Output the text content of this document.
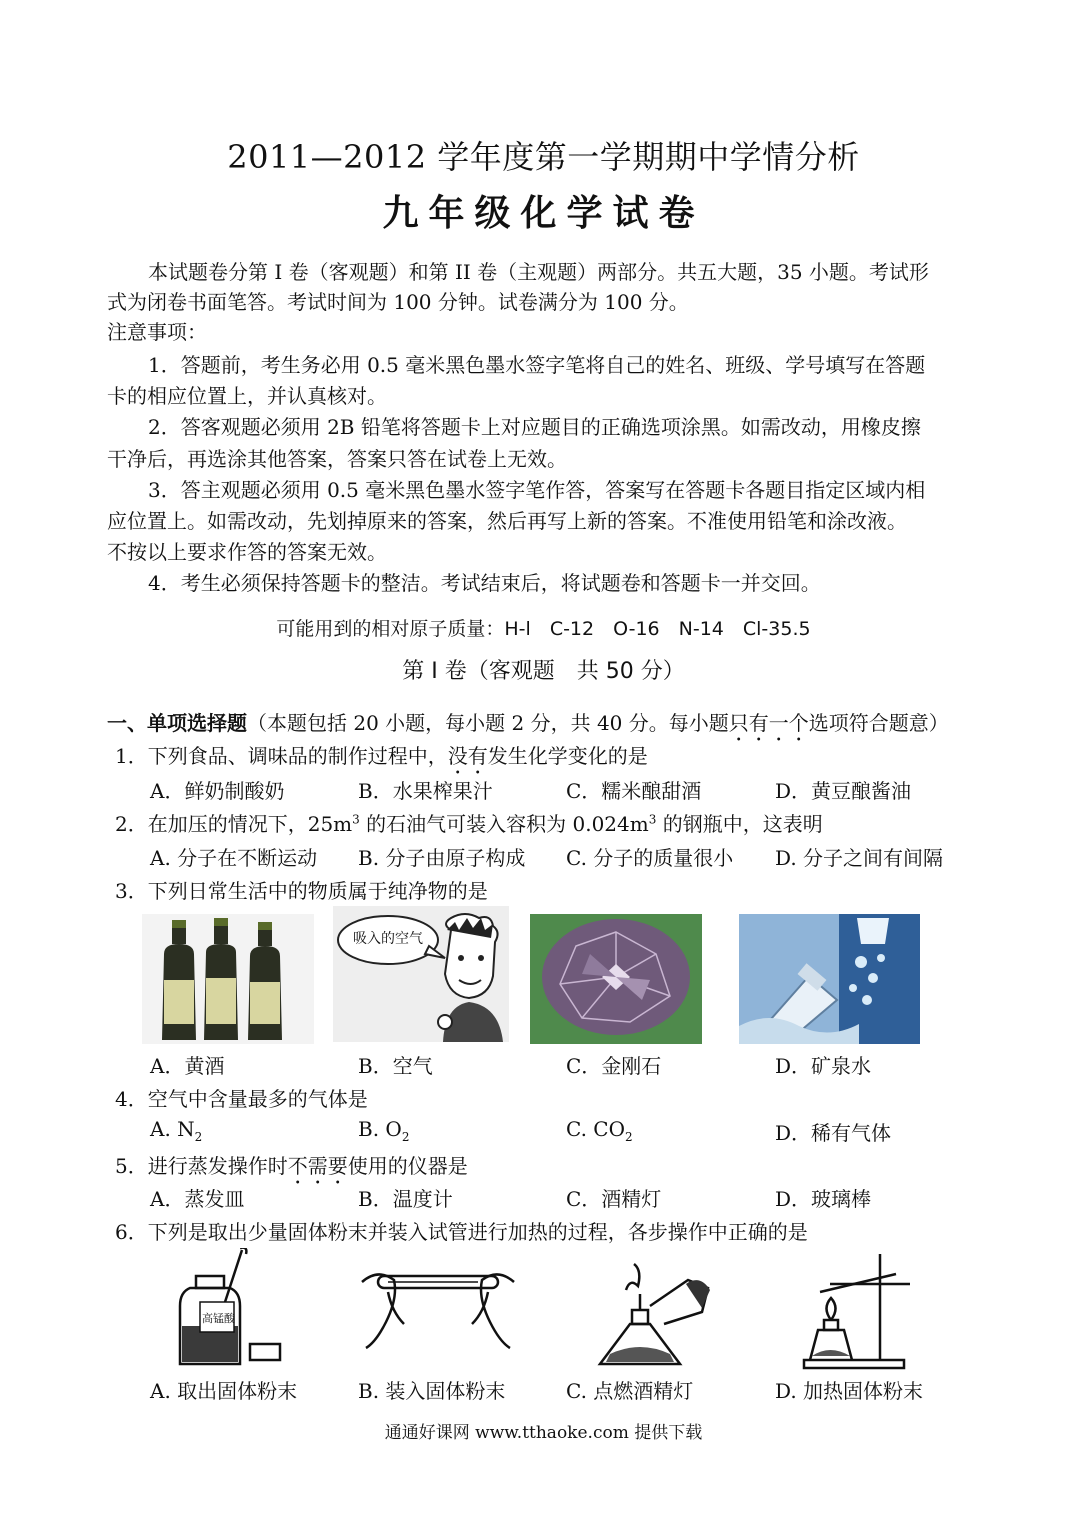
2011—2012 学年度第一学期期中学情分析
九年级化学试卷
本试题卷分第 I 卷（客观题）和第 II 卷（主观题）两部分。共五大题，35 小题。考试形
式为闭卷书面笔答。考试时间为 100 分钟。试卷满分为 100 分。
注意事项：
1．答题前，考生务必用 0.5 毫米黑色墨水签字笔将自己的姓名、班级、学号填写在答题
卡的相应位置上，并认真核对。
2．答客观题必须用 2B 铅笔将答题卡上对应题目的正确选项涂黑。如需改动，用橡皮擦
干净后，再选涂其他答案，答案只答在试卷上无效。
3．答主观题必须用 0.5 毫米黑色墨水签字笔作答，答案写在答题卡各题目指定区域内相
应位置上。如需改动，先划掉原来的答案，然后再写上新的答案。不准使用铅笔和涂改液。
不按以上要求作答的答案无效。
4．考生必须保持答题卡的整洁。考试结束后，将试题卷和答题卡一并交回。
可能用到的相对原子质量：H-l　C-12　O-16　N-14　Cl-35.5
第 I 卷（客观题　共 50 分）
一、单项选择题（本题包括 20 小题，每小题 2 分，共 40 分。每小题只有一个选项符合题意）
1．下列食品、调味品的制作过程中，没有发生化学变化的是
A．鲜奶制酸奶	B．水果榨果汁	C．糯米酿甜酒	D．黄豆酿酱油
2．在加压的情况下，$25m^3$ 的石油气可装入容积为 $0.024m^3$ 的钢瓶中，这表明
A. 分子在不断运动 B. 分子由原子构成 C. 分子的质量很小 D. 分子之间有间隔
3．下列日常生活中的物质属于纯净物的是
吸入的空气
A．黄酒	B．空气	C．金刚石	D．矿泉水
4．空气中含量最多的气体是
A. $N_2$	B. $O_2$	C. $CO_2$	D．稀有气体
5．进行蒸发操作时不需要使用的仪器是
A．蒸发皿	B．温度计	C．酒精灯	D．玻璃棒
6．下列是取出少量固体粉末并装入试管进行加热的过程，各步操作中正确的是
高锰酸
A. 取出固体粉末	B. 装入固体粉末	C. 点燃酒精灯	D. 加热固体粉末
通通好课网 www.tthaoke.com 提供下载
